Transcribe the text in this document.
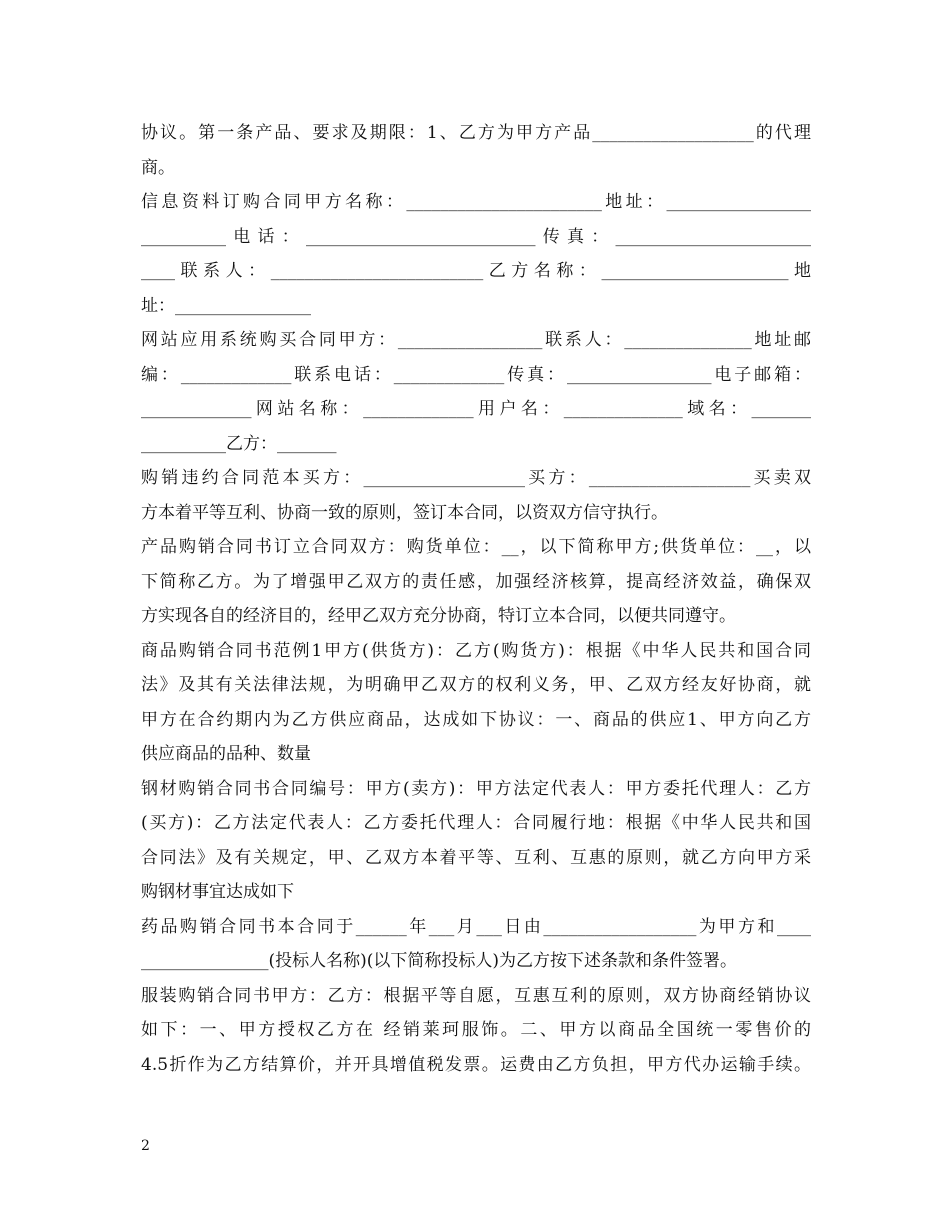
协议。第一条产品、要求及期限：1、乙方为甲方产品___________________的代理
商。
信息资料订购合同甲方名称：_______________________地址：_________________
__________电话：___________________________传真：_______________________
____联系人：_________________________乙方名称：______________________地
址：________________
网站应用系统购买合同甲方：_________________联系人：_______________地址邮
编：_____________联系电话：_____________传真：_________________电子邮箱：
_____________网站名称：_____________用户名：______________域名：_______
__________乙方：_______
购销违约合同范本买方：___________________买方：___________________买卖双
方本着平等互利、协商一致的原则，签订本合同，以资双方信守执行。
产品购销合同书订立合同双方：购货单位：__，以下简称甲方;供货单位：__，以
下简称乙方。为了增强甲乙双方的责任感，加强经济核算，提高经济效益，确保双
方实现各自的经济目的，经甲乙双方充分协商，特订立本合同，以便共同遵守。
商品购销合同书范例1甲方(供货方)：乙方(购货方)：根据《中华人民共和国合同
法》及其有关法律法规，为明确甲乙双方的权利义务，甲、乙双方经友好协商，就
甲方在合约期内为乙方供应商品，达成如下协议：一、商品的供应1、甲方向乙方
供应商品的品种、数量
钢材购销合同书合同编号：甲方(卖方)：甲方法定代表人：甲方委托代理人：乙方
(买方)：乙方法定代表人：乙方委托代理人：合同履行地：根据《中华人民共和国
合同法》及有关规定，甲、乙双方本着平等、互利、互惠的原则，就乙方向甲方采
购钢材事宜达成如下
药品购销合同书本合同于______年___月___日由__________________为甲方和____
_______________(投标人名称)(以下简称投标人)为乙方按下述条款和条件签署。
服装购销合同书甲方：乙方：根据平等自愿，互惠互利的原则，双方协商经销协议
如下：一、甲方授权乙方在 经销莱珂服饰。二、甲方以商品全国统一零售价的
4.5折作为乙方结算价，并开具增值税发票。运费由乙方负担，甲方代办运输手续。
2
